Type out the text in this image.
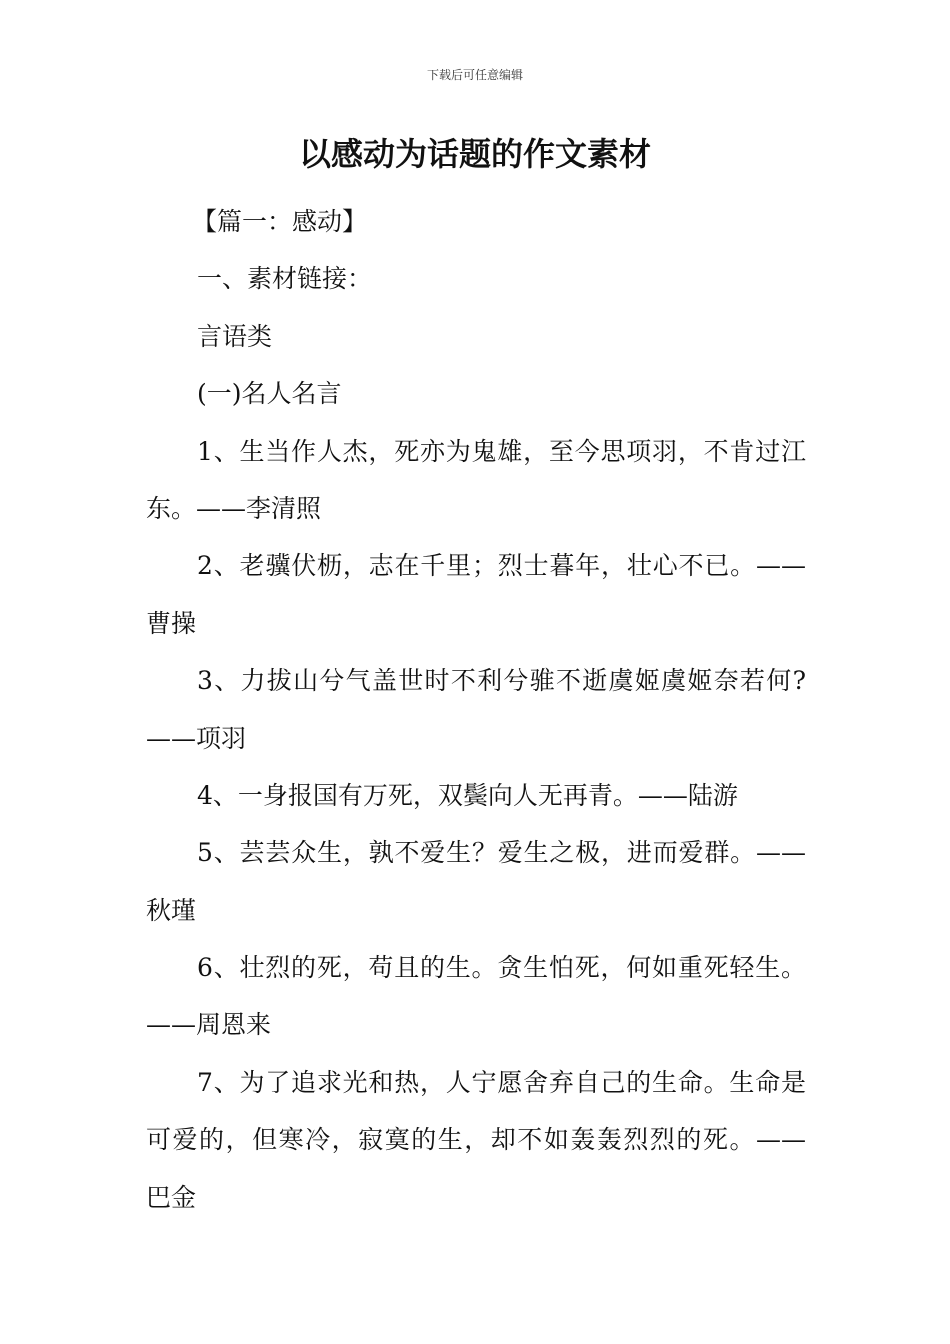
下载后可任意编辑
以感动为话题的作文素材
【篇一：感动】
一、素材链接：
言语类
(一)名人名言
1、生当作人杰，死亦为鬼雄，至今思项羽，不肯过江
东。——李清照
2、老骥伏枥，志在千里；烈士暮年，壮心不已。——
曹操
3、力拔山兮气盖世时不利兮骓不逝虞姬虞姬奈若何?
——项羽
4、一身报国有万死，双鬓向人无再青。——陆游
5、芸芸众生，孰不爱生？爱生之极，进而爱群。——
秋瑾
6、壮烈的死，苟且的生。贪生怕死，何如重死轻生。
——周恩来
7、为了追求光和热，人宁愿舍弃自己的生命。生命是
可爱的，但寒冷，寂寞的生，却不如轰轰烈烈的死。——
巴金
